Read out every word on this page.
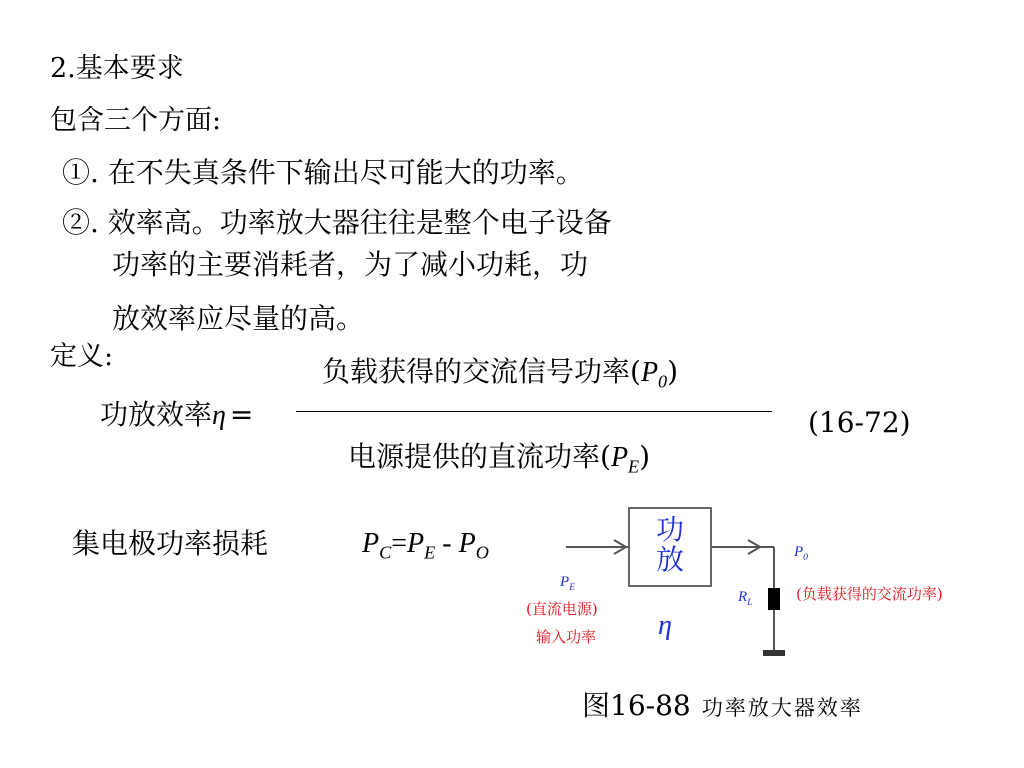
2.基本要求
包含三个方面:
①. 在不失真条件下输出尽可能大的功率。
②. 效率高。功率放大器往往是整个电子设备
功率的主要消耗者，为了减小功耗，功
放效率应尽量的高。
定义:
功放效率η =
负载获得的交流信号功率$(P_0)$
电源提供的直流功率$(P_E)$
(16-72)
集电极功率损耗	$P_C=P_E - P_O$
功
放
η
$P_E$
(直流电源)
输入功率
$P_0$
$R_L$	(负载获得的交流功率)
图16-88 功率放大器效率
